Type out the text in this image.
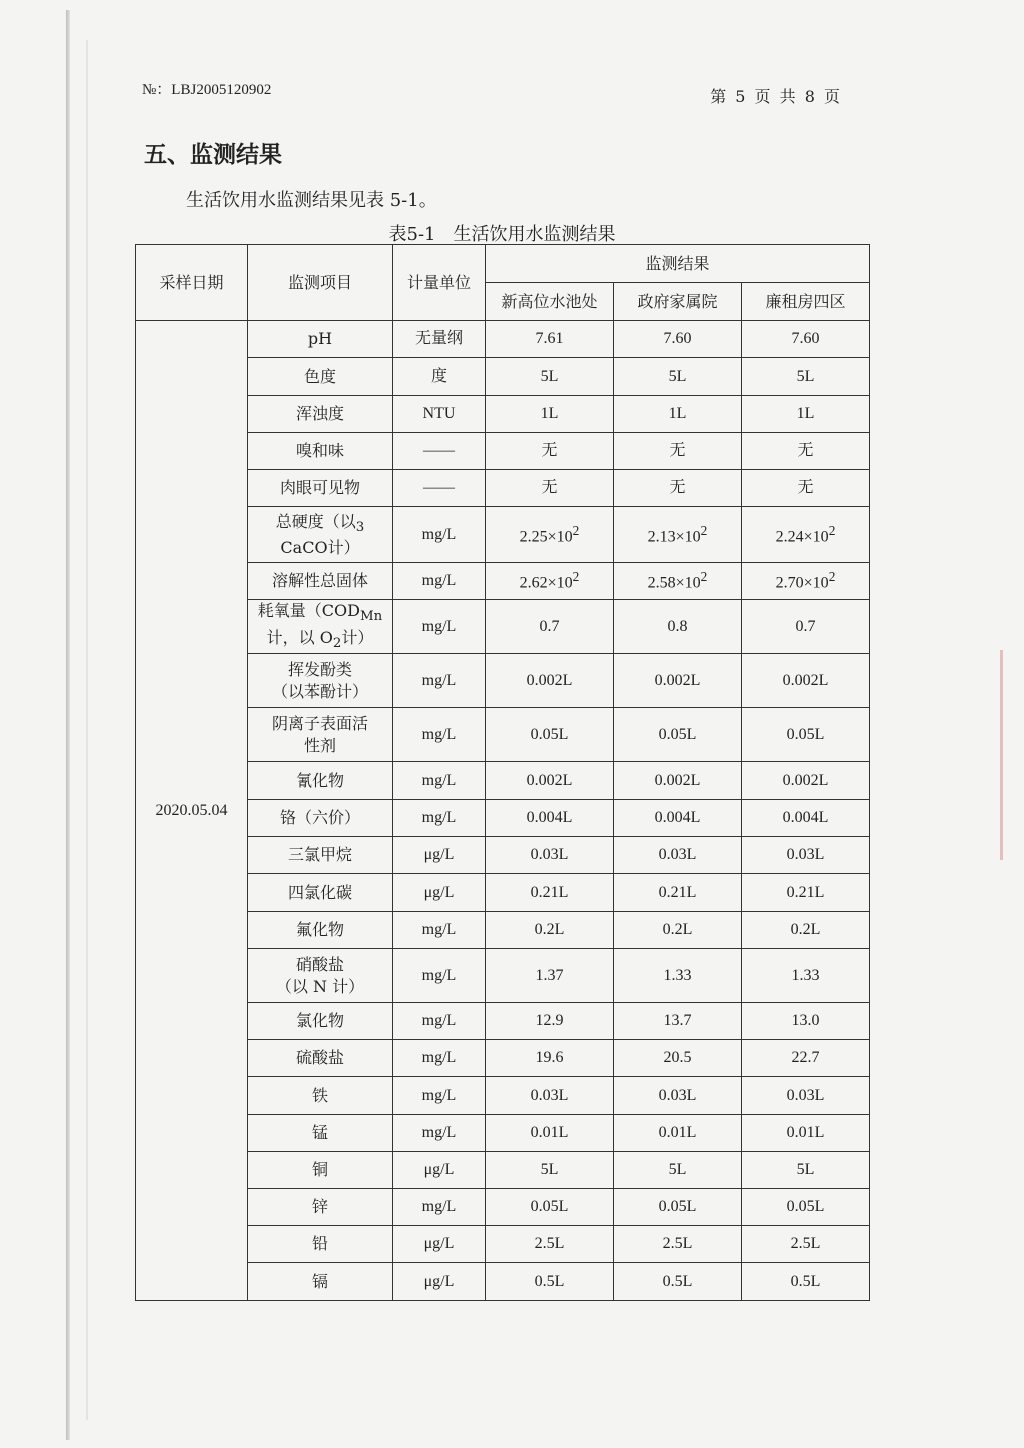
№：LBJ2005120902	第 5 页 共 8 页
五、监测结果
生活饮用水监测结果见表 5-1。
表5-1　生活饮用水监测结果
采样日期	监测项目	计量单位	监测结果		
			新高位水池处	政府家属院	廉租房四区
2020.05.04	pH	无量纲	7.61	7.60	7.60
	色度	度	5L	5L	5L
	浑浊度	NTU	1L	1L	1L
	嗅和味	——	无	无	无
	肉眼可见物	——	无	无	无
	总硬度（以$_3$
CaCO计）	mg/L	$2.25\times 10^2$	$2.13\times 10^2$	$2.24\times 10^2$
	溶解性总固体	mg/L	$2.62\times 10^2$	$2.58\times 10^2$	$2.70\times 10^2$
	耗氧量（$COD_{Mn}$
计，以 $O_2$计）	mg/L	0.7	0.8	0.7
	挥发酚类
（以苯酚计）	mg/L	0.002L	0.002L	0.002L
	阴离子表面活
性剂	mg/L	0.05L	0.05L	0.05L
	氰化物	mg/L	0.002L	0.002L	0.002L
	铬（六价）	mg/L	0.004L	0.004L	0.004L
	三氯甲烷	μg/L	0.03L	0.03L	0.03L
	四氯化碳	μg/L	0.21L	0.21L	0.21L
	氟化物	mg/L	0.2L	0.2L	0.2L
	硝酸盐
（以 N 计）	mg/L	1.37	1.33	1.33
	氯化物	mg/L	12.9	13.7	13.0
	硫酸盐	mg/L	19.6	20.5	22.7
	铁	mg/L	0.03L	0.03L	0.03L
	锰	mg/L	0.01L	0.01L	0.01L
	铜	μg/L	5L	5L	5L
	锌	mg/L	0.05L	0.05L	0.05L
	铅	μg/L	2.5L	2.5L	2.5L
	镉	μg/L	0.5L	0.5L	0.5L
